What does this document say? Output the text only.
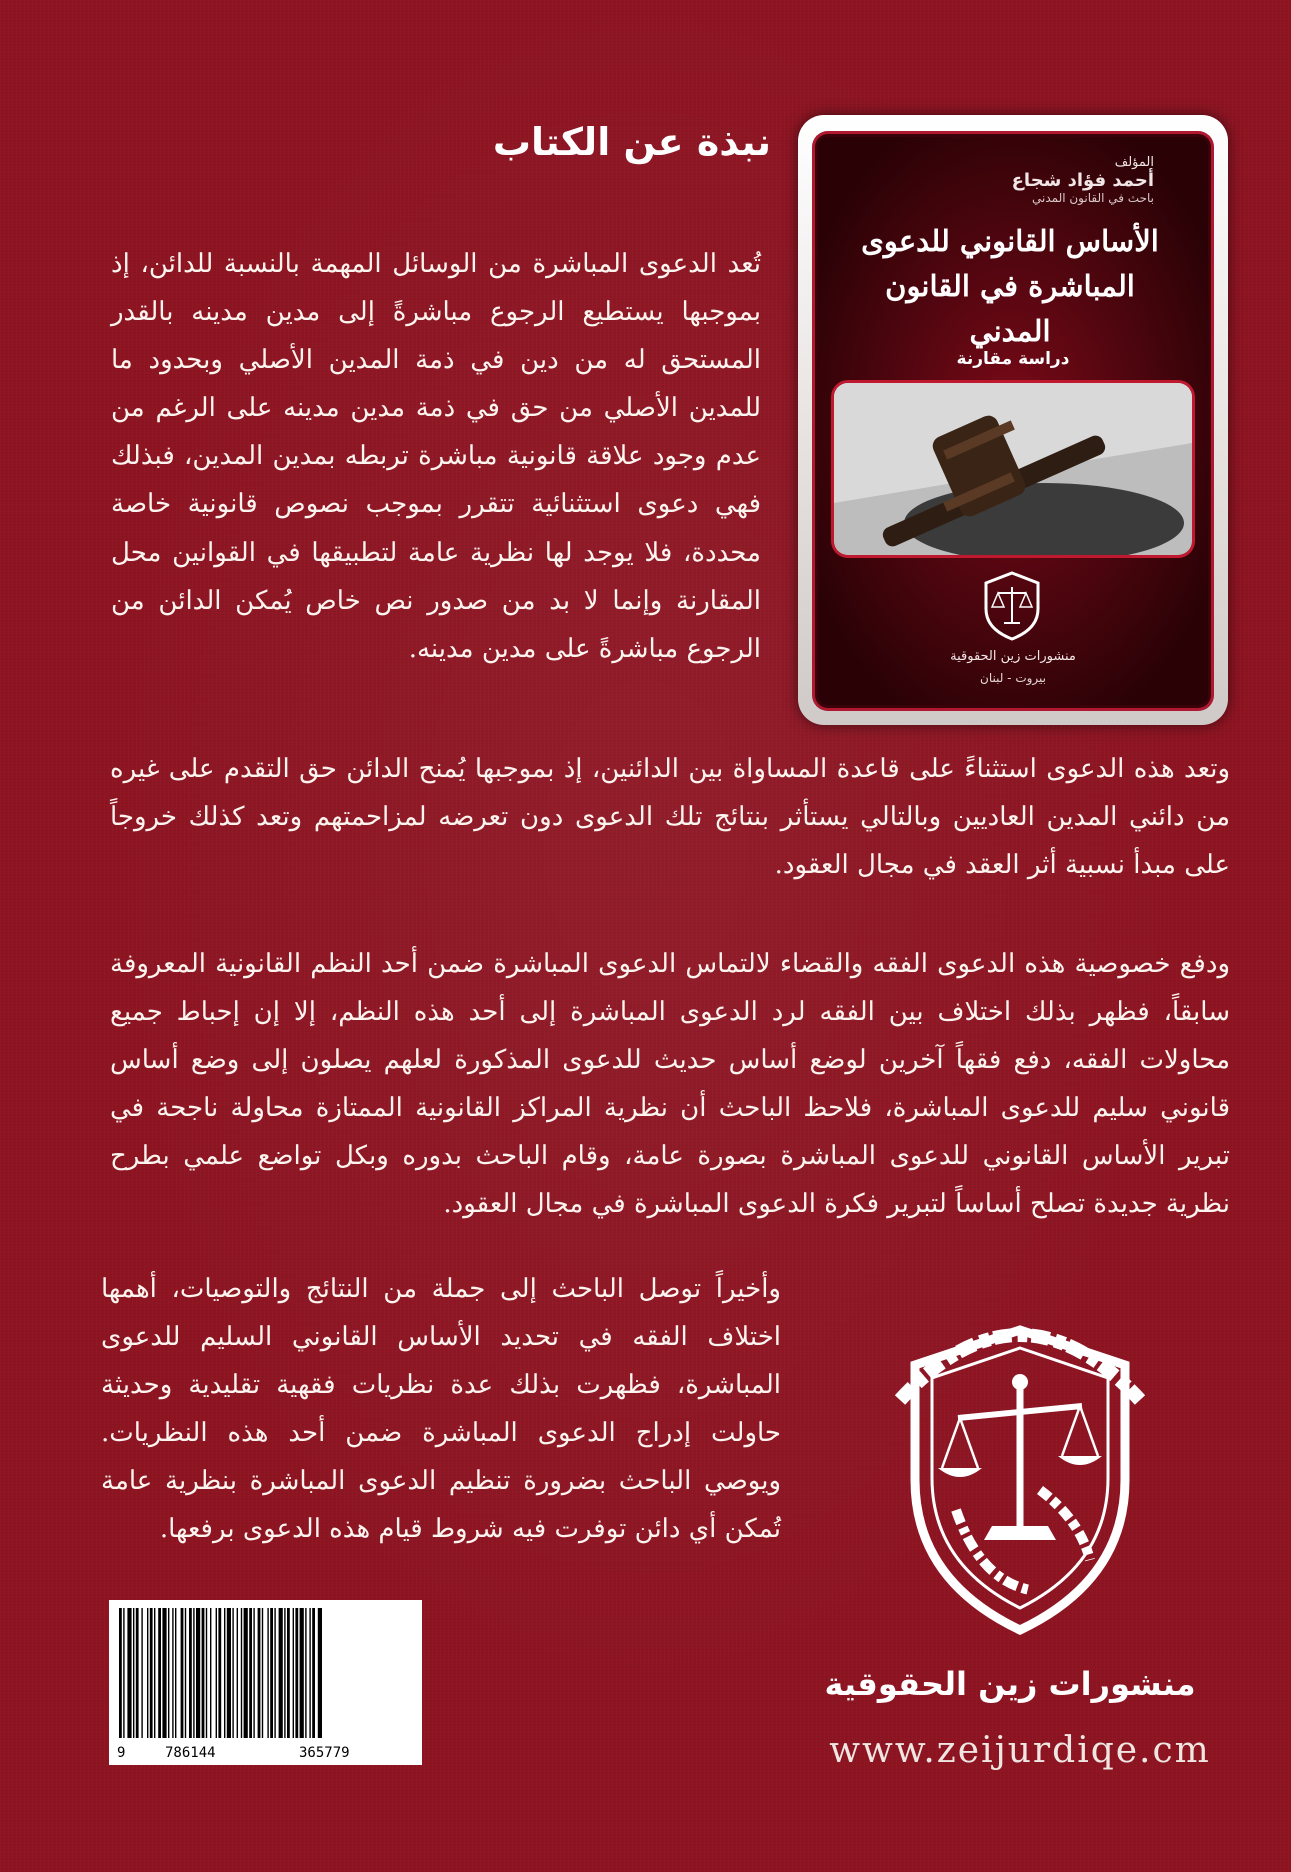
نبذة عن الكتاب
تُعد الدعوى المباشرة من الوسائل المهمة بالنسبة للدائن، إذ بموجبها يستطيع الرجوع مباشرةً إلى مدين مدينه بالقدر المستحق له من دين في ذمة المدين الأصلي وبحدود ما للمدين الأصلي من حق في ذمة مدين مدينه على الرغم من عدم وجود علاقة قانونية مباشرة تربطه بمدين المدين، فبذلك فهي دعوى استثنائية تتقرر بموجب نصوص قانونية خاصة محددة، فلا يوجد لها نظرية عامة لتطبيقها في القوانين محل المقارنة وإنما لا بد من صدور نص خاص يُمكن الدائن من الرجوع مباشرةً على مدين مدينه.
المؤلف
أحمد فؤاد شجاع
باحث في القانون المدني
الأساس القانوني للدعوى المباشرة في القانون المدني
دراسة مقارنة
منشورات زين الحقوقية
بيروت - لبنان
وتعد هذه الدعوى استثناءً على قاعدة المساواة بين الدائنين، إذ بموجبها يُمنح الدائن حق التقدم على غيره من دائني المدين العاديين وبالتالي يستأثر بنتائج تلك الدعوى دون تعرضه لمزاحمتهم وتعد كذلك خروجاً على مبدأ نسبية أثر العقد في مجال العقود.
ودفع خصوصية هذه الدعوى الفقه والقضاء لالتماس الدعوى المباشرة ضمن أحد النظم القانونية المعروفة سابقاً، فظهر بذلك اختلاف بين الفقه لرد الدعوى المباشرة إلى أحد هذه النظم، إلا إن إحباط جميع محاولات الفقه، دفع فقهاً آخرين لوضع أساس حديث للدعوى المذكورة لعلهم يصلون إلى وضع أساس قانوني سليم للدعوى المباشرة، فلاحظ الباحث أن نظرية المراكز القانونية الممتازة محاولة ناجحة في تبرير الأساس القانوني للدعوى المباشرة بصورة عامة، وقام الباحث بدوره وبكل تواضع علمي بطرح نظرية جديدة تصلح أساساً لتبرير فكرة الدعوى المباشرة في مجال العقود.
وأخيراً توصل الباحث إلى جملة من النتائج والتوصيات، أهمها اختلاف الفقه في تحديد الأساس القانوني السليم للدعوى المباشرة، فظهرت بذلك عدة نظريات فقهية تقليدية وحديثة حاولت إدراج الدعوى المباشرة ضمن أحد هذه النظريات. ويوصي الباحث بضرورة تنظيم الدعوى المباشرة بنظرية عامة تُمكن أي دائن توفرت فيه شروط قيام هذه الدعوى برفعها.
منشورات زين الحقوقية
www.zeijurdiqe.cm
9	786144	365779
